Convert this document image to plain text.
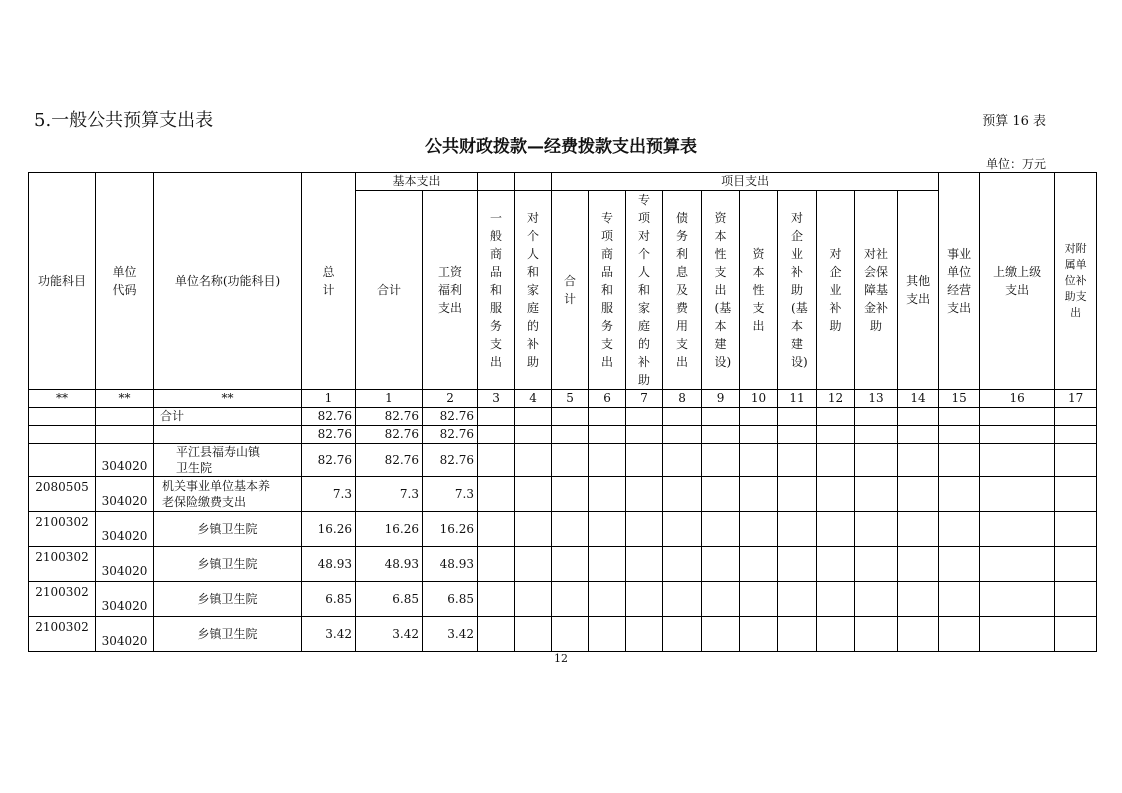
5.一般公共预算支出表	预算 16 表
公共财政拨款—经费拨款支出预算表
单位：万元
功能科目	单位代码	单位名称(功能科目)	总计	基本支出				项目支出										事业单位经营支出	上缴上级支出	对附属单位补助支出
				合计	工资福利支出	一般商品和服务支出	对个人和家庭的补助	合计	专项商品和服务支出	专项对个人和家庭的补助	债务利息及费用支出	资本性支出(基本建设)	资本性支出	对企业补助(基本建设)	对企业补助	对社会保障基金补助	其他支出			
**	**	**	1	1	2	3	4	5	6	7	8	9	10	11	12	13	14	15	16	17
		合计	82.76	82.76	82.76															
			82.76	82.76	82.76															
	304020	平江县福寿山镇卫生院	82.76	82.76	82.76															
2080505	304020	机关事业单位基本养老保险缴费支出	7.3	7.3	7.3															
2100302	304020	乡镇卫生院	16.26	16.26	16.26															
2100302	304020	乡镇卫生院	48.93	48.93	48.93															
2100302	304020	乡镇卫生院	6.85	6.85	6.85															
2100302	304020	乡镇卫生院	3.42	3.42	3.42															
12
